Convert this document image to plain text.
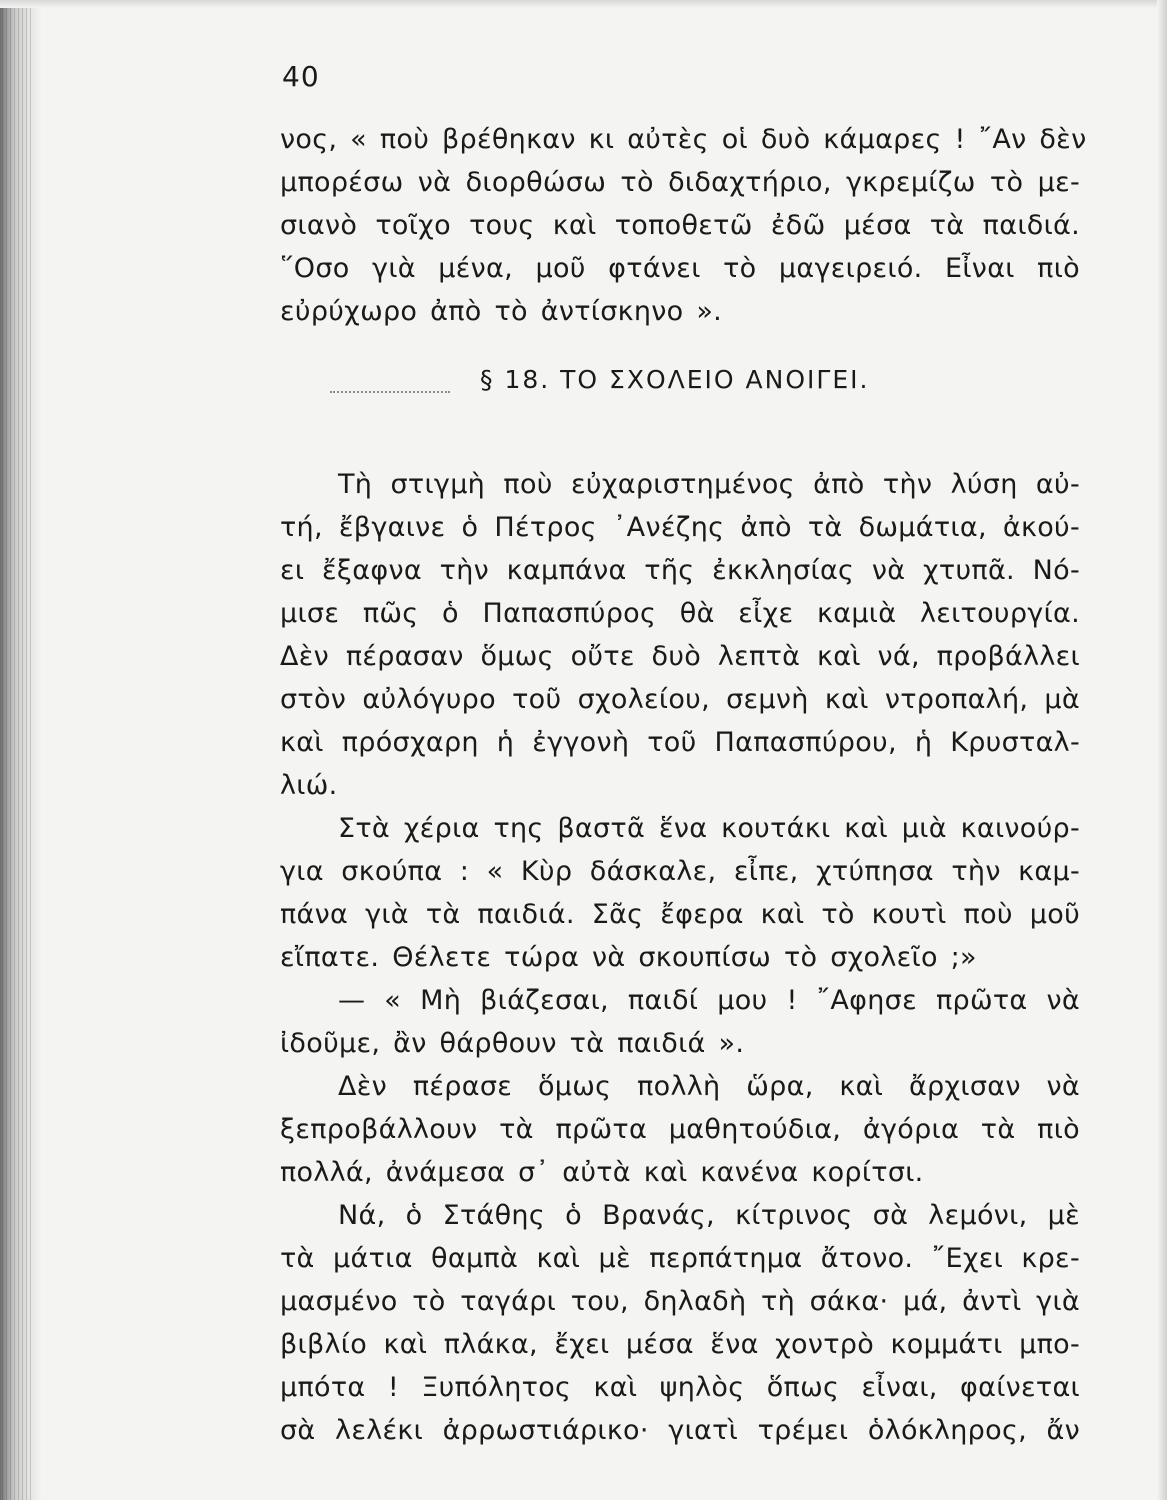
40
νος, « ποὺ βρέθηκαν κι αὐτὲς οἱ δυὸ κάμαρες ! ῎Αν δὲν
μπορέσω νὰ διορθώσω τὸ διδαχτήριο, γκρεμίζω τὸ με-
σιανὸ τοῖχο τους καὶ τοποθετῶ ἐδῶ μέσα τὰ παιδιά.
῞Οσο γιὰ μένα, μοῦ φτάνει τὸ μαγειρειό. Εἶναι πιὸ
εὐρύχωρο ἀπὸ τὸ ἀντίσκηνο ».
§ 18. ΤΟ ΣΧΟΛΕΙΟ ΑΝΟΙΓΕΙ.
Τὴ στιγμὴ ποὺ εὐχαριστημένος ἀπὸ τὴν λύση αὐ-
τή, ἔβγαινε ὁ Πέτρος ᾿Ανέζης ἀπὸ τὰ δωμάτια, ἀκού-
ει ἔξαφνα τὴν καμπάνα τῆς ἐκκλησίας νὰ χτυπᾶ. Νό-
μισε πῶς ὁ Παπασπύρος θὰ εἶχε καμιὰ λειτουργία.
Δὲν πέρασαν ὅμως οὔτε δυὸ λεπτὰ καὶ νά, προβάλλει
στὸν αὐλόγυρο τοῦ σχολείου, σεμνὴ καὶ ντροπαλή, μὰ
καὶ πρόσχαρη ἡ ἐγγονὴ τοῦ Παπασπύρου, ἡ Κρυσταλ-
λιώ.
Στὰ χέρια της βαστᾶ ἕνα κουτάκι καὶ μιὰ καινούρ-
για σκούπα : « Κὺρ δάσκαλε, εἶπε, χτύπησα τὴν καμ-
πάνα γιὰ τὰ παιδιά. Σᾶς ἔφερα καὶ τὸ κουτὶ ποὺ μοῦ
εἴπατε. Θέλετε τώρα νὰ σκουπίσω τὸ σχολεῖο ;»
— « Μὴ βιάζεσαι, παιδί μου ! ῎Αφησε πρῶτα νὰ
ἰδοῦμε, ἂν θάρθουν τὰ παιδιά ».
Δὲν πέρασε ὅμως πολλὴ ὥρα, καὶ ἄρχισαν νὰ
ξεπροβάλλουν τὰ πρῶτα μαθητούδια, ἀγόρια τὰ πιὸ
πολλά, ἀνάμεσα σ᾿ αὐτὰ καὶ κανένα κορίτσι.
Νά, ὁ Στάθης ὁ Βρανάς, κίτρινος σὰ λεμόνι, μὲ
τὰ μάτια θαμπὰ καὶ μὲ περπάτημα ἄτονο. ῎Εχει κρε-
μασμένο τὸ ταγάρι του, δηλαδὴ τὴ σάκα· μά, ἀντὶ γιὰ
βιβλίο καὶ πλάκα, ἔχει μέσα ἕνα χοντρὸ κομμάτι μπο-
μπότα ! Ξυπόλητος καὶ ψηλὸς ὅπως εἶναι, φαίνεται
σὰ λελέκι ἀρρωστιάρικο· γιατὶ τρέμει ὁλόκληρος, ἄν
